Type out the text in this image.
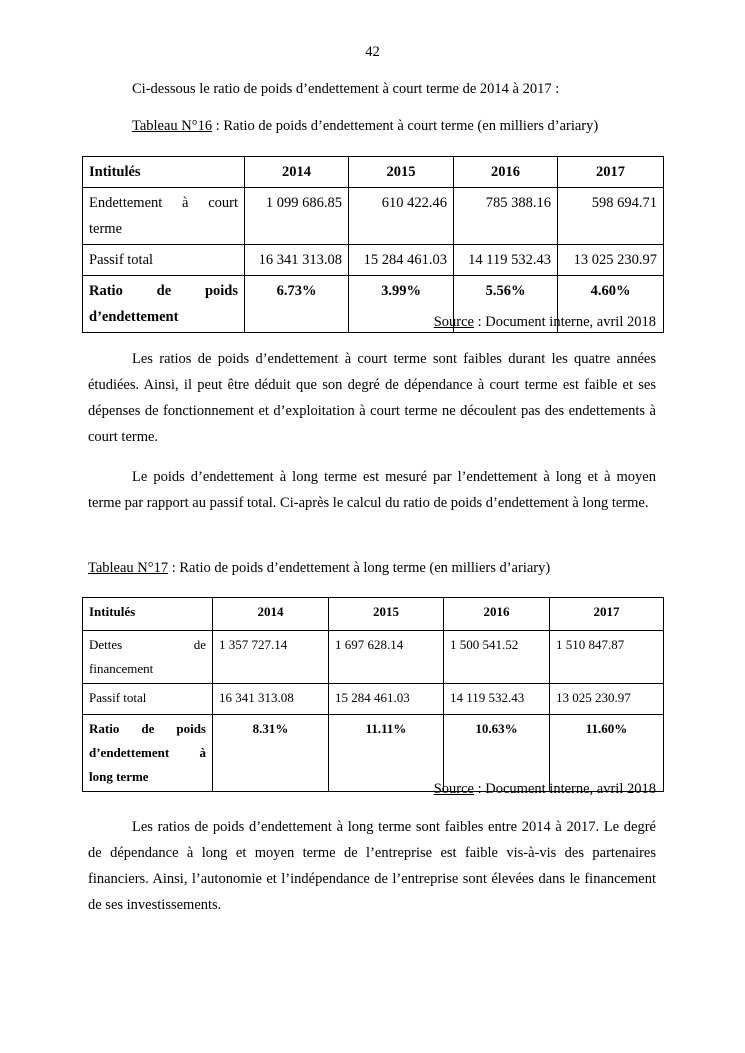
42

Ci-dessous le ratio de poids d’endettement à court terme de 2014 à 2017 :

Tableau N°16 : Ratio de poids d’endettement à court terme (en milliers d’ariary)

Intitulés	2014	2015	2016	2017

Endettement à court
terme	1 099 686.85	610 422.46	785 388.16	598 694.71
Passif total	16 341 313.08	15 284 461.03	14 119 532.43	13 025 230.97

Ratio de poids
d’endettement	6.73%	3.99%	5.56%	4.60%

Source : Document interne, avril 2018

Les ratios de poids d’endettement à court terme sont faibles durant les quatre années étudiées. Ainsi, il peut être déduit que son degré de dépendance à court terme est faible et ses dépenses de fonctionnement et d’exploitation à court terme ne découlent pas des endettements à court terme.

Le poids d’endettement à long terme est mesuré par l’endettement à long et à moyen terme par rapport au passif total. Ci-après le calcul du ratio de poids d’endettement à long terme.

Tableau N°17 : Ratio de poids d’endettement à long terme (en milliers d’ariary)

Intitulés	2014	2015	2016	2017

Dettes de
financement	1 357 727.14	1 697 628.14	1 500 541.52	1 510 847.87
Passif total	16 341 313.08	15 284 461.03	14 119 532.43	13 025 230.97

Ratio de poids
d’endettement à
long terme	8.31%	11.11%	10.63%	11.60%

Source : Document interne, avril 2018

Les ratios de poids d’endettement à long terme sont faibles entre 2014 à 2017. Le degré de dépendance à long et moyen terme de l’entreprise est faible vis-à-vis des partenaires financiers. Ainsi, l’autonomie et l’indépendance de l’entreprise sont élevées dans le financement de ses investissements.
